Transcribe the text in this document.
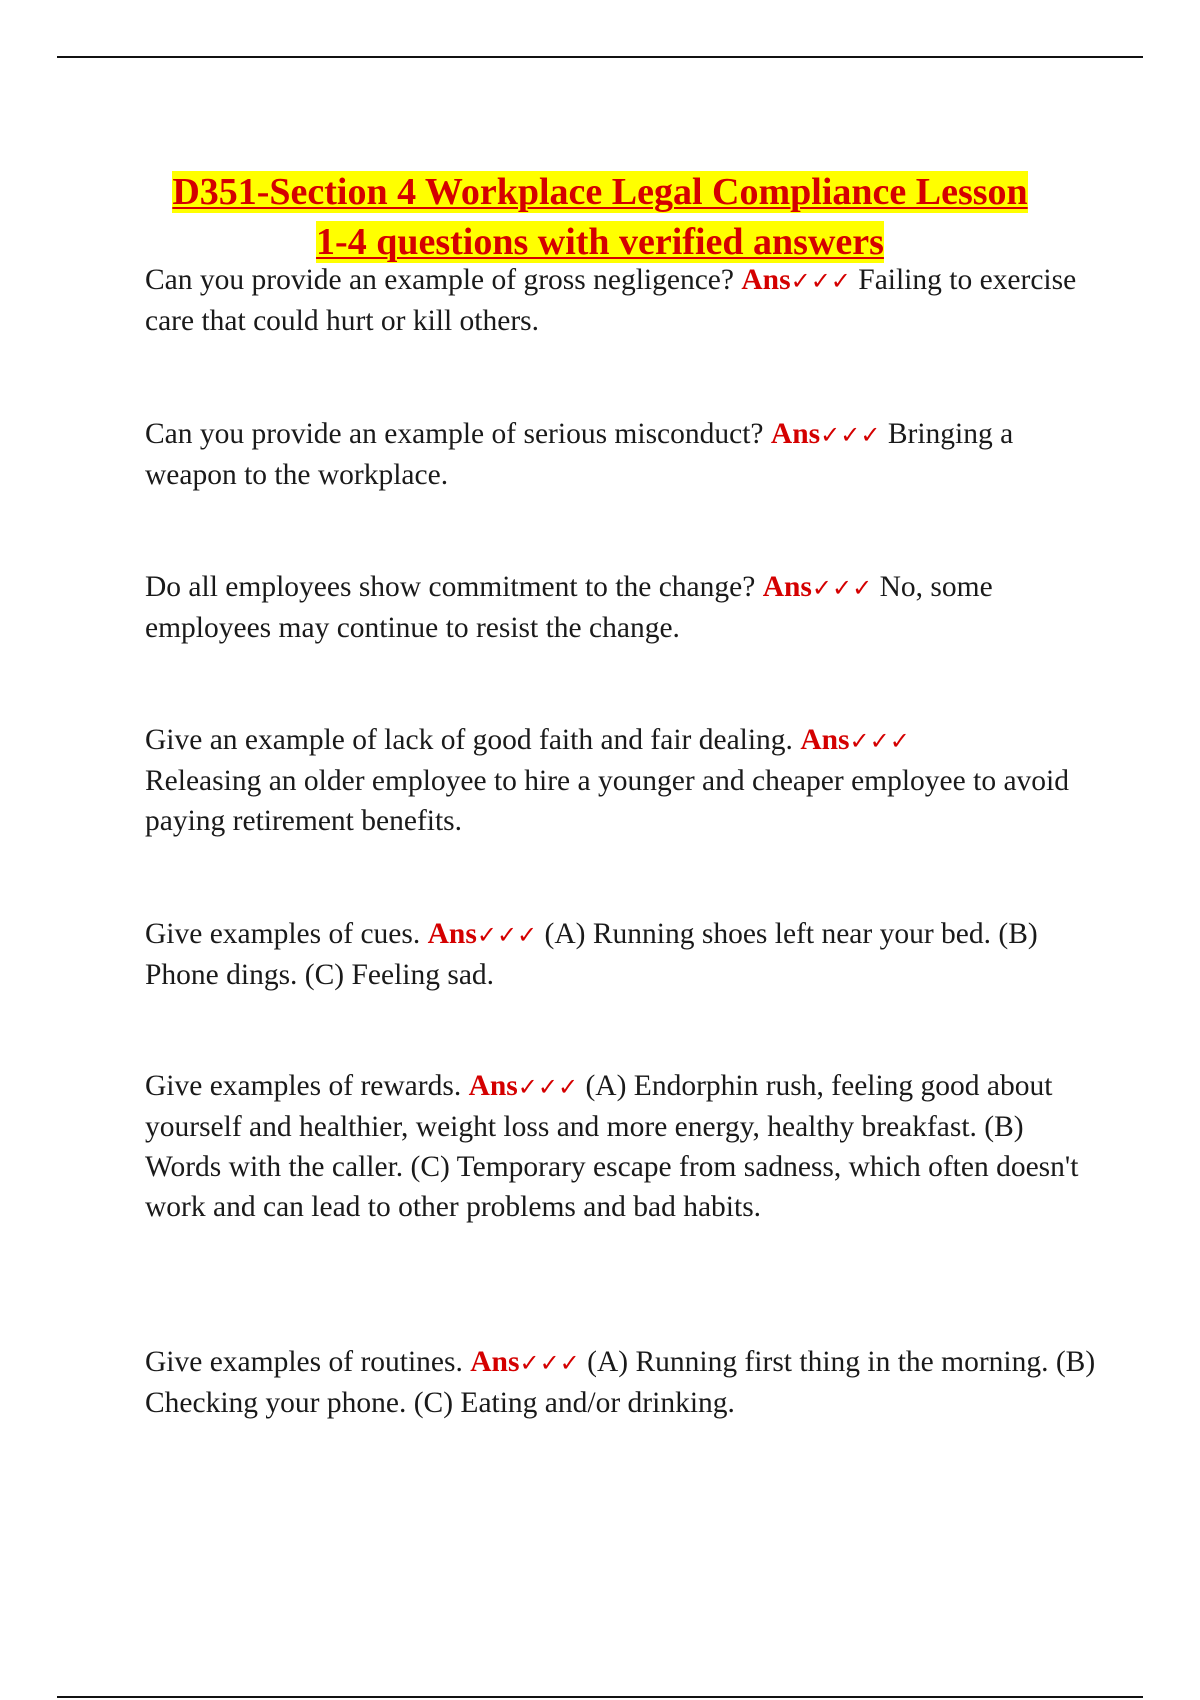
D351-Section 4 Workplace Legal Compliance Lesson
1-4 questions with verified answers

Can you provide an example of gross negligence? Ans✓✓✓ Failing to exercise care that could hurt or kill others.

Can you provide an example of serious misconduct? Ans✓✓✓ Bringing a weapon to the workplace.

Do all employees show commitment to the change? Ans✓✓✓ No, some employees may continue to resist the change.

Give an example of lack of good faith and fair dealing. Ans✓✓✓
Releasing an older employee to hire a younger and cheaper employee to avoid paying retirement benefits.

Give examples of cues. Ans✓✓✓ (A) Running shoes left near your bed. (B) Phone dings. (C) Feeling sad.

Give examples of rewards. Ans✓✓✓ (A) Endorphin rush, feeling good about yourself and healthier, weight loss and more energy, healthy breakfast. (B) Words with the caller. (C) Temporary escape from sadness, which often doesn't work and can lead to other problems and bad habits.

Give examples of routines. Ans✓✓✓ (A) Running first thing in the morning. (B) Checking your phone. (C) Eating and/or drinking.
